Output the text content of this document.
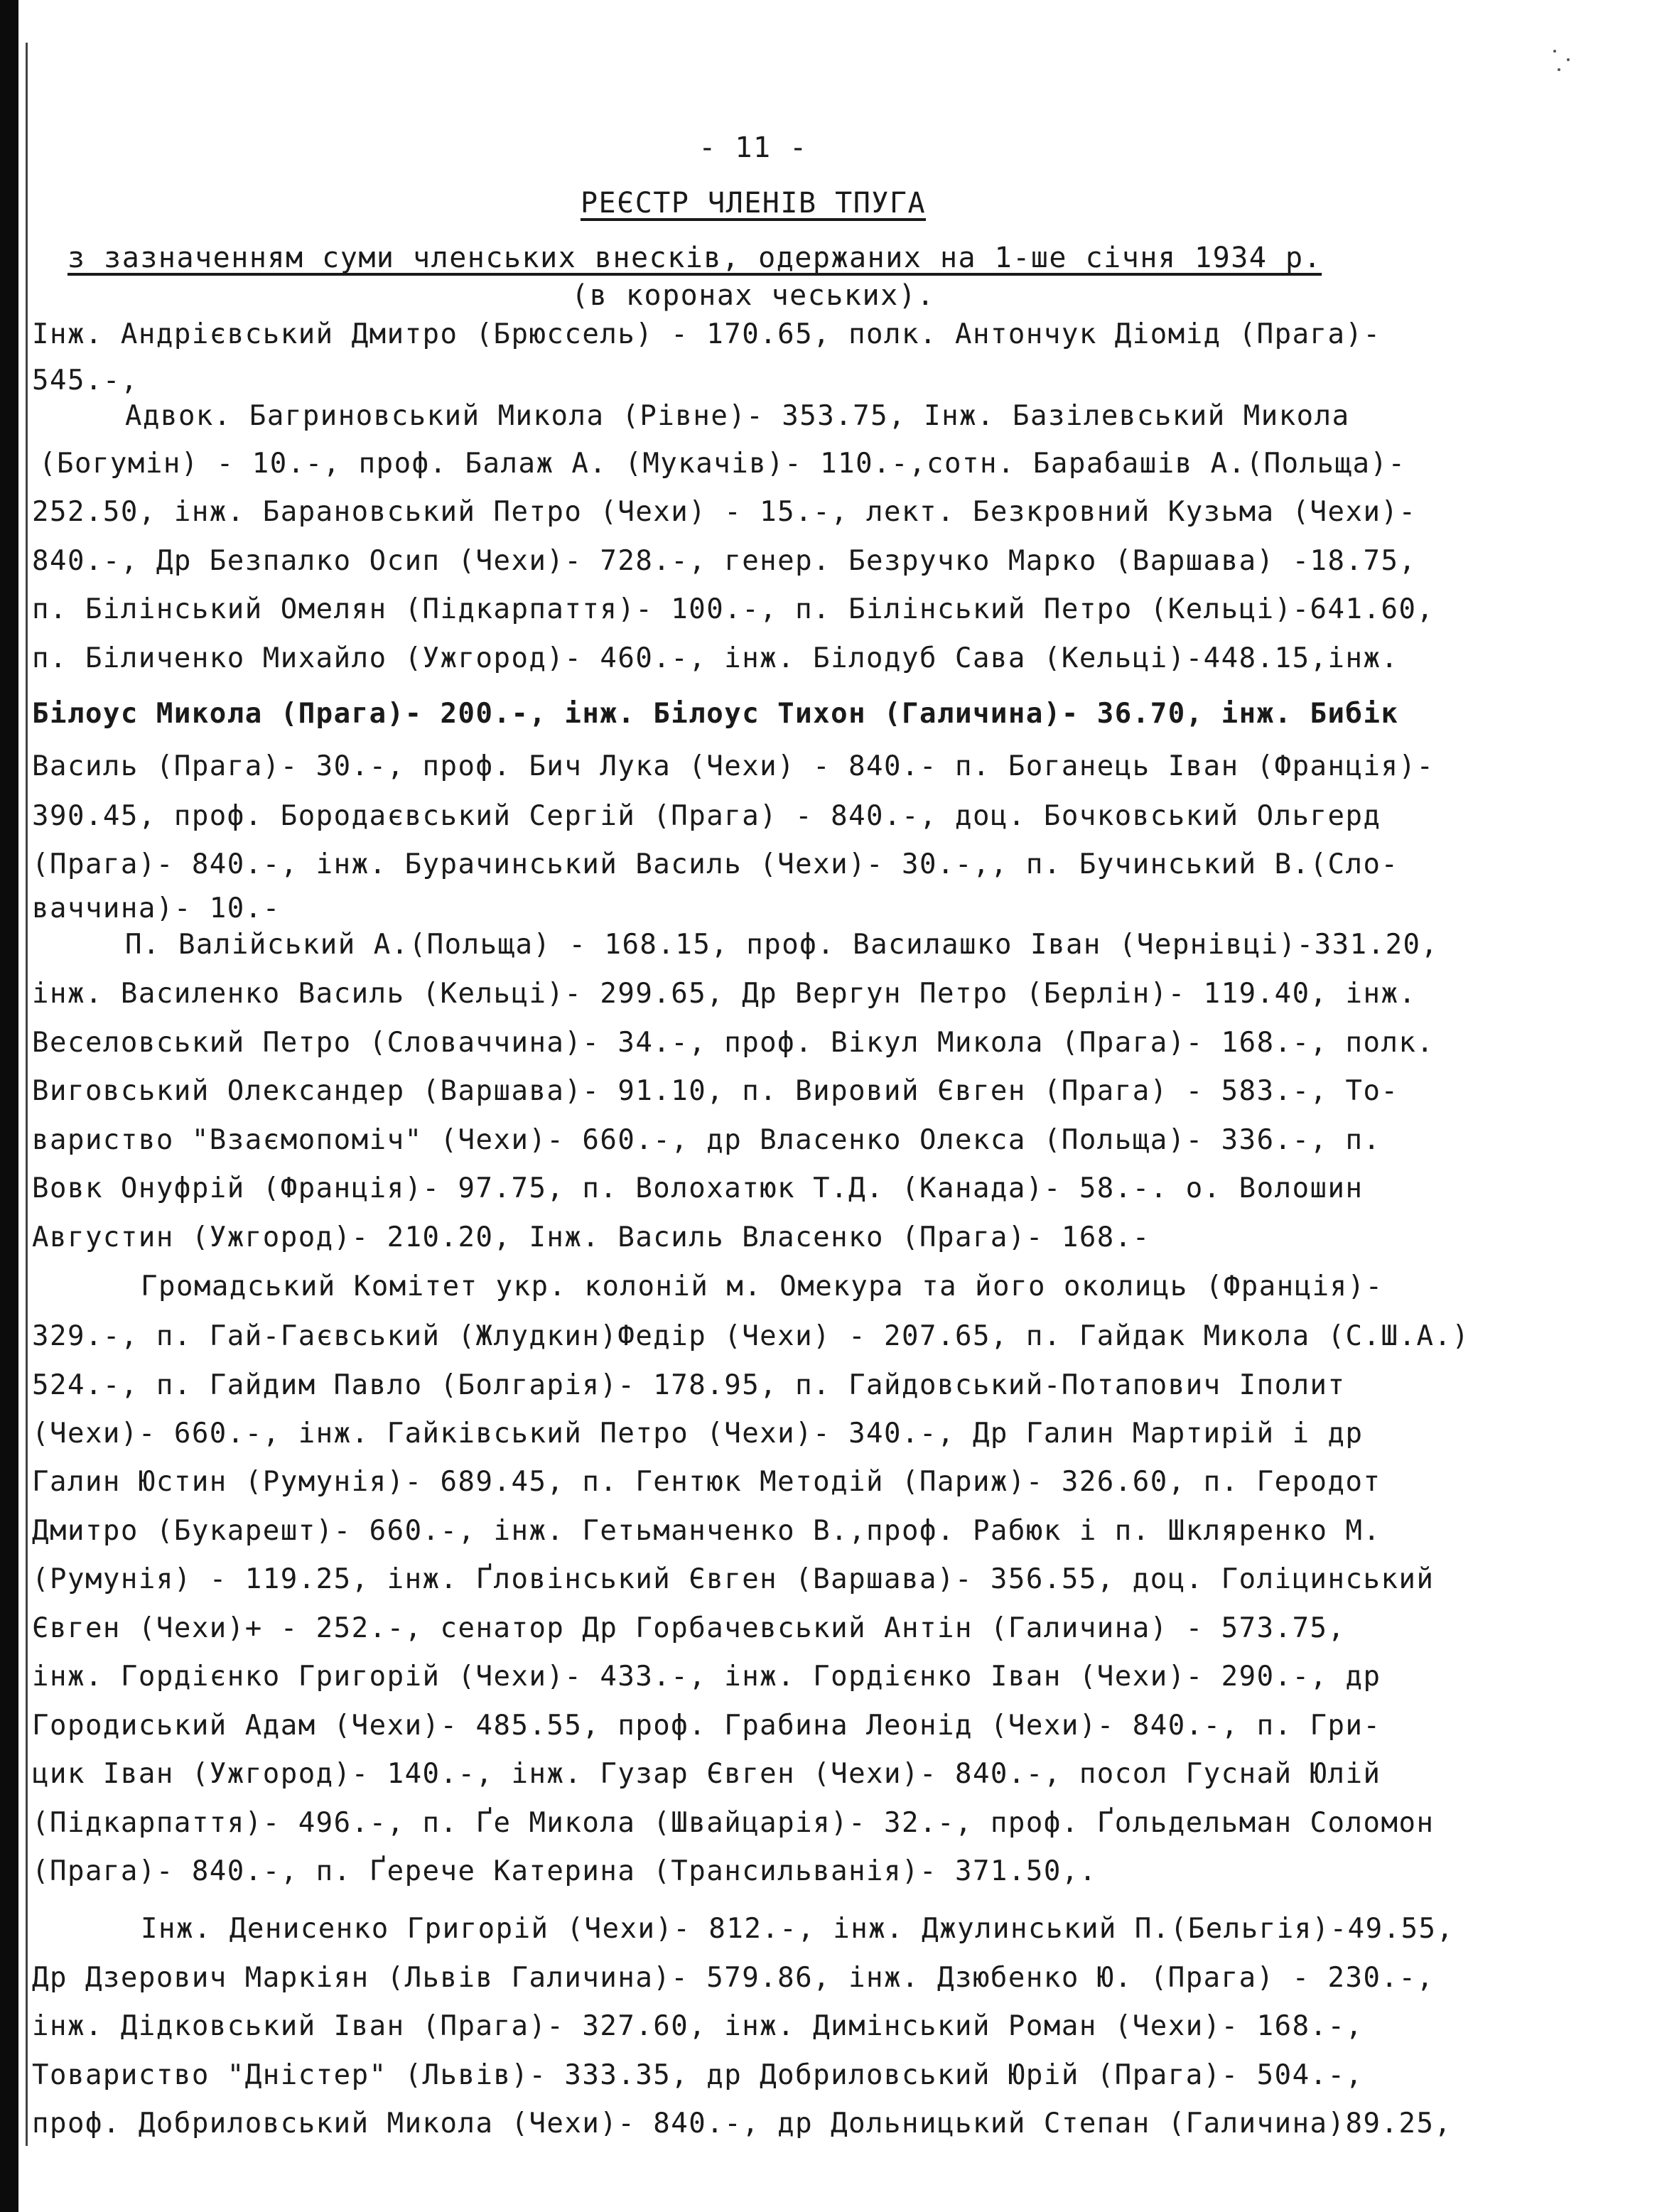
- 11 -
РЕЄСТР ЧЛЕНІВ ТПУГА
з зазначенням суми членських внесків, одержаних на 1-ше січня 1934 р.
(в коронах чеських).
Інж. Андрієвський Дмитро (Брюссель) - 170.65, полк. Антончук Діомід (Прага)-
545.-,
Адвок. Багриновський Микола (Рівне)- 353.75, Інж. Базілевський Микола
(Богумін) - 10.-, проф. Балаж А. (Мукачів)- 110.-,сотн. Барабашів А.(Польща)-
252.50, інж. Барановський Петро (Чехи) - 15.-, лект. Безкровний Кузьма (Чехи)-
840.-, Др Безпалко Осип (Чехи)- 728.-, генер. Безручко Марко (Варшава) -18.75,
п. Білінський Омелян (Підкарпаття)- 100.-, п. Білінський Петро (Кельці)-641.60,
п. Біличенко Михайло (Ужгород)- 460.-, інж. Білодуб Сава (Кельці)-448.15,інж.
Білоус Микола (Прага)- 200.-, інж. Білоус Тихон (Галичина)- 36.70, інж. Бибік
Василь (Прага)- 30.-, проф. Бич Лука (Чехи) - 840.- п. Боганець Іван (Франція)-
390.45, проф. Бородаєвський Сергій (Прага) - 840.-, доц. Бочковський Ольгерд
(Прага)- 840.-, інж. Бурачинський Василь (Чехи)- 30.-,, п. Бучинський В.(Сло-
ваччина)- 10.-
П. Валійський А.(Польща) - 168.15, проф. Василашко Іван (Чернівці)-331.20,
інж. Василенко Василь (Кельці)- 299.65, Др Вергун Петро (Берлін)- 119.40, інж.
Веселовський Петро (Словаччина)- 34.-, проф. Вікул Микола (Прага)- 168.-, полк.
Виговський Олександер (Варшава)- 91.10, п. Вировий Євген (Прага) - 583.-, То-
вариство "Взаємопоміч" (Чехи)- 660.-, др Власенко Олекса (Польща)- 336.-, п.
Вовк Онуфрій (Франція)- 97.75, п. Волохатюк Т.Д. (Канада)- 58.-. о. Волошин
Августин (Ужгород)- 210.20, Інж. Василь Власенко (Прага)- 168.-
Громадський Комітет укр. колоній м. Омекура та його околиць (Франція)-
329.-, п. Гай-Гаєвський (Жлудкин)Федір (Чехи) - 207.65, п. Гайдак Микола (С.Ш.А.)
524.-, п. Гайдим Павло (Болгарія)- 178.95, п. Гайдовський-Потапович Іполит
(Чехи)- 660.-, інж. Гайківський Петро (Чехи)- 340.-, Др Галин Мартирій і др
Галин Юстин (Румунія)- 689.45, п. Гентюк Методій (Париж)- 326.60, п. Геродот
Дмитро (Букарешт)- 660.-, інж. Гетьманченко В.,проф. Рабюк і п. Шкляренко М.
(Румунія) - 119.25, інж. Ґловінський Євген (Варшава)- 356.55, доц. Голіцинський
Євген (Чехи)+ - 252.-, сенатор Др Горбачевський Антін (Галичина) - 573.75,
інж. Гордієнко Григорій (Чехи)- 433.-, інж. Гордієнко Іван (Чехи)- 290.-, др
Городиський Адам (Чехи)- 485.55, проф. Грабина Леонід (Чехи)- 840.-, п. Гри-
цик Іван (Ужгород)- 140.-, інж. Гузар Євген (Чехи)- 840.-, посол Гуснай Юлій
(Підкарпаття)- 496.-, п. Ґе Микола (Швайцарія)- 32.-, проф. Ґольдельман Соломон
(Прага)- 840.-, п. Ґерече Катерина (Трансильванія)- 371.50,.
Інж. Денисенко Григорій (Чехи)- 812.-, інж. Джулинський П.(Бельгія)-49.55,
Др Дзерович Маркіян (Львів Галичина)- 579.86, інж. Дзюбенко Ю. (Прага) - 230.-,
інж. Дідковський Іван (Прага)- 327.60, інж. Димінський Роман (Чехи)- 168.-,
Товариство "Дністер" (Львів)- 333.35, др Добриловський Юрій (Прага)- 504.-,
проф. Добриловський Микола (Чехи)- 840.-, др Дольницький Степан (Галичина)89.25,
